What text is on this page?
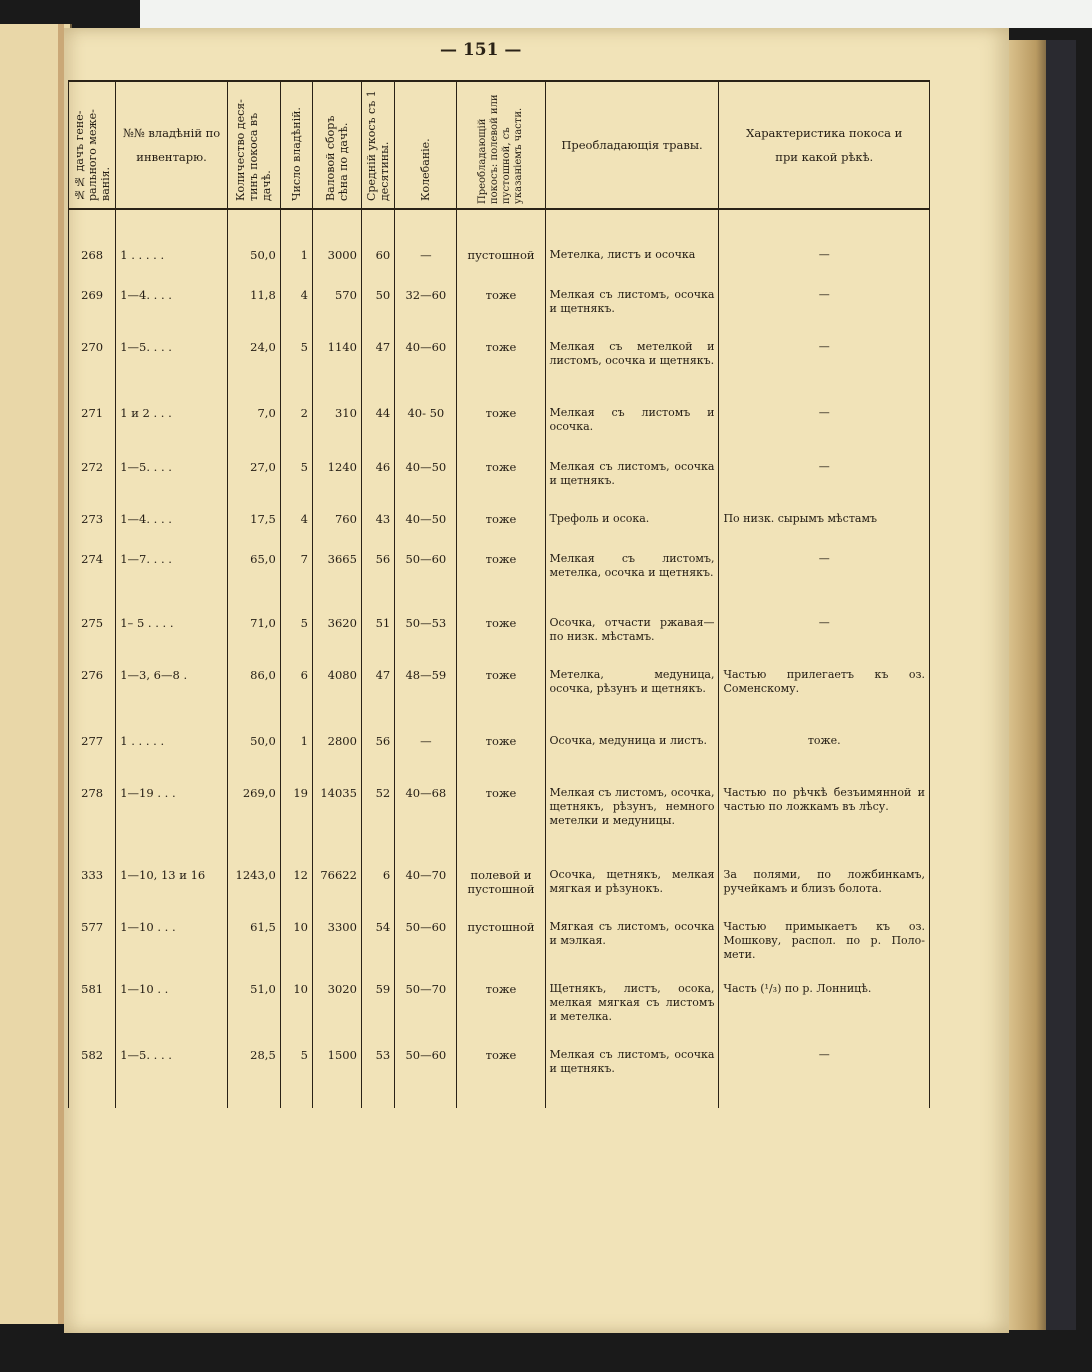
— 151 —
№№ дачъ гене-рального меже-ванія.	№№ владѣній по инвентарю.	Количество деся-тинъ покоса въ дачѣ.	Число владѣній.	Валовой сборъ сѣна по дачѣ.	Средній укосъ съ 1 десятины.	Колебаніе.	Преобладающій покосъ: полевой или пустошной, съ указаніемъ части.	Преобладающія травы.	Характеристика покоса и при какой рѣкѣ.

268	1 . . . . .	50,0	1	3000	60	—	пустошной	Метелка, листъ и осочка	—
269	1—4. . . .	11,8	4	570	50	32—60	тоже	Мелкая съ листомъ, осочка и щетнякъ.	—
270	1—5. . . .	24,0	5	1140	47	40—60	тоже	Мелкая съ метелкой и листомъ, осочка и щетнякъ.	—
271	1 и 2 . . .	7,0	2	310	44	40- 50	тоже	Мелкая съ листомъ и осочка.	—
272	1—5. . . .	27,0	5	1240	46	40—50	тоже	Мелкая съ листомъ, осочка и щетнякъ.	—
273	1—4. . . .	17,5	4	760	43	40—50	тоже	Трефоль и осока.	По низк. сырымъ мѣстамъ
274	1—7. . . .	65,0	7	3665	56	50—60	тоже	Мелкая съ листомъ, метелка, осочка и щетнякъ.	—
275	1– 5 . . . .	71,0	5	3620	51	50—53	тоже	Осочка, отчасти ржавая—по низк. мѣстамъ.	—
276	1—3, 6—8 .	86,0	6	4080	47	48—59	тоже	Метелка, медуница, осочка, рѣзунъ и щетнякъ.	Частью прилегаетъ къ оз. Соменскому.
277	1 . . . . .	50,0	1	2800	56	—	тоже	Осочка, медуница и листъ.	тоже.
278	1—19 . . .	269,0	19	14035	52	40—68	тоже	Мелкая съ листомъ, осочка, щетнякъ, рѣзунъ, немного метелки и медуницы.	Частью по рѣчкѣ безъимянной и частью по ложкамъ въ лѣсу.
333	1—10, 13 и 16	1243,0	12	76622	6	40—70	полевой и пустошной	Осочка, щетнякъ, мелкая мягкая и рѣзунокъ.	За полями, по ложбинкамъ, ручейкамъ и близъ болота.
577	1—10 . . .	61,5	10	3300	54	50—60	пустошной	Мягкая съ листомъ, осочка и мэлкая.	Частью примыкаетъ къ оз. Мошкову, распол. по р. Поло-мети.
581	1—10 . .	51,0	10	3020	59	50—70	тоже	Щетнякъ, листъ, осока, мелкая мягкая съ листомъ и метелка.	Часть (¹/₃) по р. Лонницѣ.
582	1—5. . . .	28,5	5	1500	53	50—60	тоже	Мелкая съ листомъ, осочка и щетнякъ.	—
